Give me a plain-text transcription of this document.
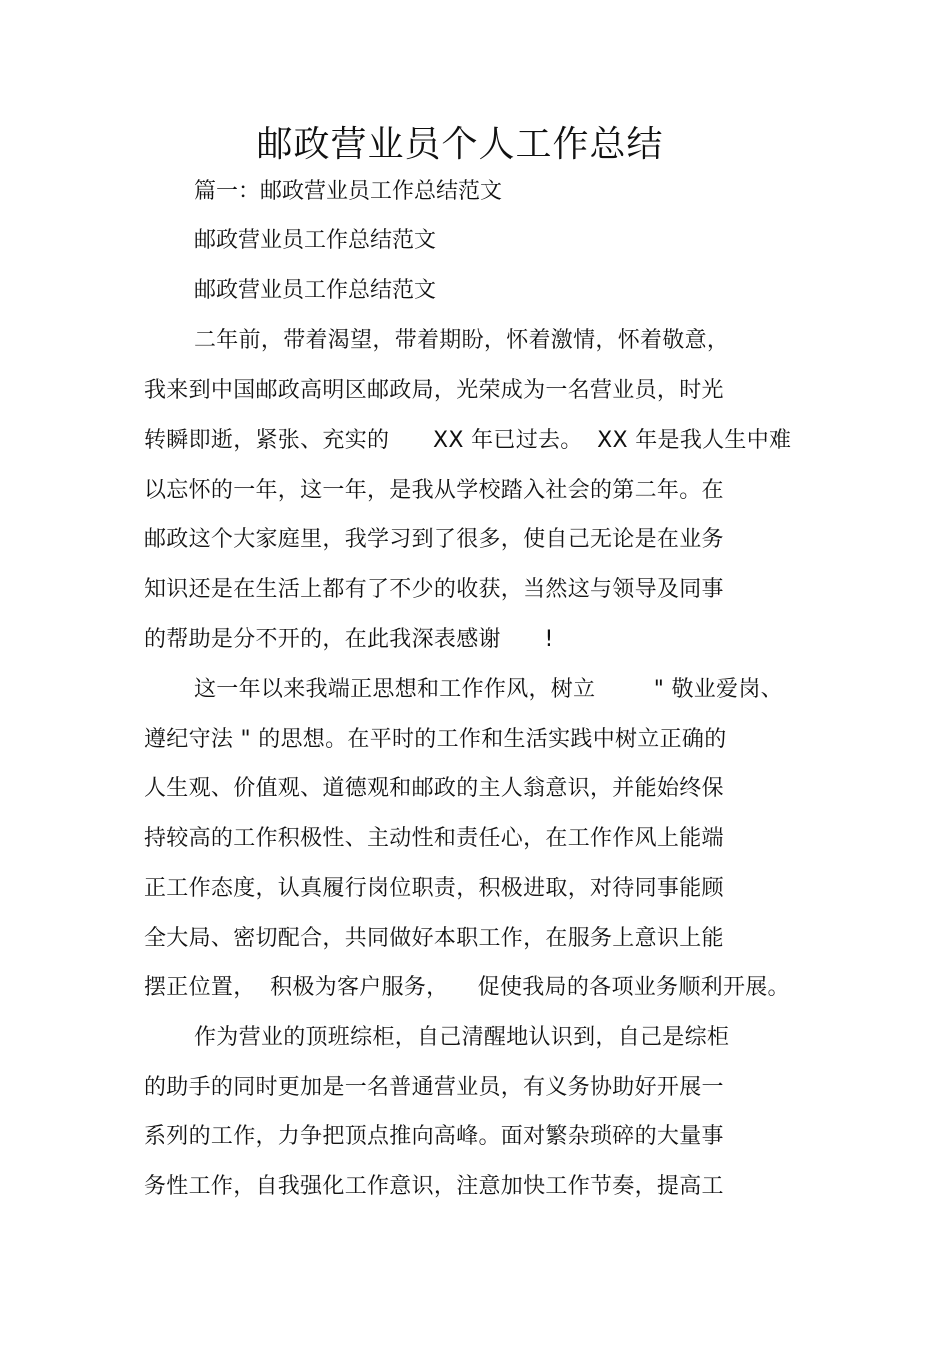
邮政营业员个人工作总结
篇一：邮政营业员工作总结范文
邮政营业员工作总结范文
邮政营业员工作总结范文
二年前，带着渴望，带着期盼，怀着激情，怀着敬意，
我来到中国邮政高明区邮政局，光荣成为一名营业员，时光
转瞬即逝，紧张、充实的      XX 年已过去。  XX 年是我人生中难
以忘怀的一年，这一年，是我从学校踏入社会的第二年。在
邮政这个大家庭里，我学习到了很多，使自己无论是在业务
知识还是在生活上都有了不少的收获，当然这与领导及同事
的帮助是分不开的，在此我深表感谢      !
这一年以来我端正思想和工作作风，树立        " 敬业爱岗、
遵纪守法 " 的思想。在平时的工作和生活实践中树立正确的
人生观、价值观、道德观和邮政的主人翁意识，并能始终保
持较高的工作积极性、主动性和责任心，在工作作风上能端
正工作态度，认真履行岗位职责，积极进取，对待同事能顾
全大局、密切配合，共同做好本职工作，在服务上意识上能
摆正位置，  积极为客户服务，    促使我局的各项业务顺利开展。
作为营业的顶班综柜，自己清醒地认识到，自己是综柜
的助手的同时更加是一名普通营业员，有义务协助好开展一
系列的工作，力争把顶点推向高峰。面对繁杂琐碎的大量事
务性工作，自我强化工作意识，注意加快工作节奏，提高工
